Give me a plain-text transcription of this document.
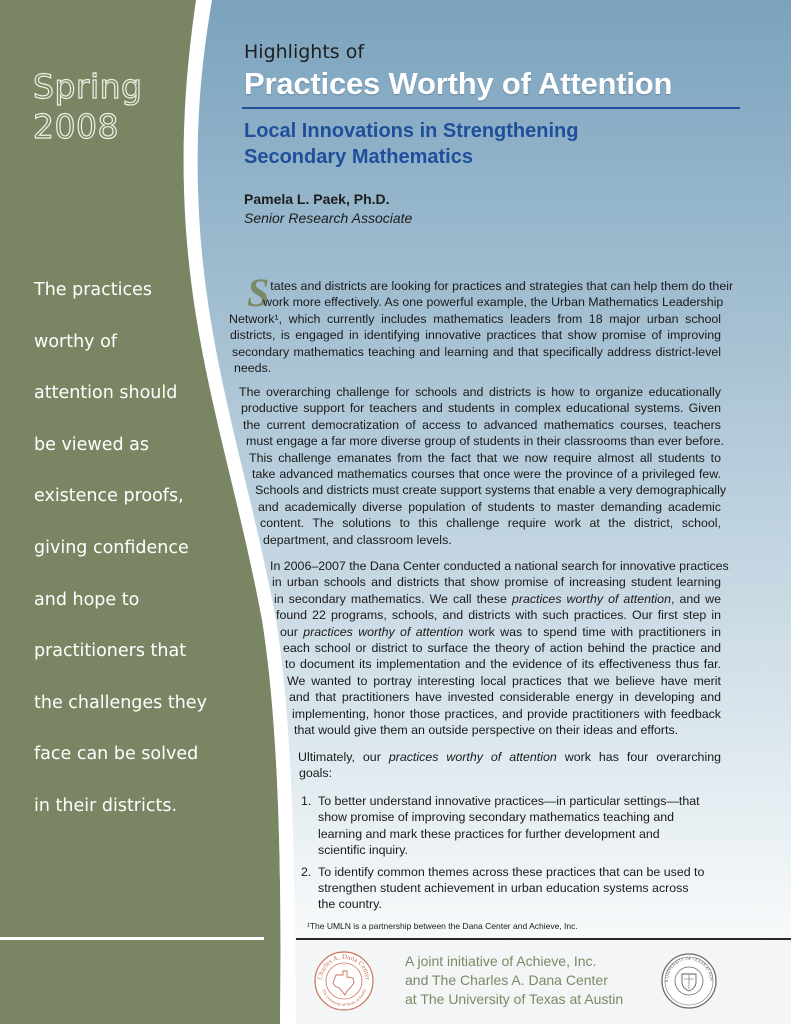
Spring
2008
The practices
worthy of
attention should
be viewed as
existence proofs,
giving confidence
and hope to
practitioners that
the challenges they
face can be solved
in their districts.
Highlights of
Practices Worthy of Attention
Local Innovations in Strengthening
Secondary Mathematics
Pamela L. Paek, Ph.D.
Senior Research Associate
States and districts are looking for practices and strategies that can help them do their
work more effectively. As one powerful example, the Urban Mathematics Leadership
Network¹, which currently includes mathematics leaders from 18 major urban school
districts, is engaged in identifying innovative practices that show promise of improving
secondary mathematics teaching and learning and that specifically address district-level
needs.
The overarching challenge for schools and districts is how to organize educationally
productive support for teachers and students in complex educational systems. Given
the current democratization of access to advanced mathematics courses, teachers
must engage a far more diverse group of students in their classrooms than ever before.
This challenge emanates from the fact that we now require almost all students to
take advanced mathematics courses that once were the province of a privileged few.
Schools and districts must create support systems that enable a very demographically
and academically diverse population of students to master demanding academic
content. The solutions to this challenge require work at the district, school,
department, and classroom levels.
In 2006–2007 the Dana Center conducted a national search for innovative practices
in urban schools and districts that show promise of increasing student learning
in secondary mathematics. We call these practices worthy of attention, and we
found 22 programs, schools, and districts with such practices. Our first step in
our practices worthy of attention work was to spend time with practitioners in
each school or district to surface the theory of action behind the practice and
to document its implementation and the evidence of its effectiveness thus far.
We wanted to portray interesting local practices that we believe have merit
and that practitioners have invested considerable energy in developing and
implementing, honor those practices, and provide practitioners with feedback
that would give them an outside perspective on their ideas and efforts.
Ultimately, our practices worthy of attention work has four overarching
goals:
1. To better understand innovative practices—in particular settings—that
show promise of improving secondary mathematics teaching and
learning and mark these practices for further development and
scientific inquiry.
2. To identify common themes across these practices that can be used to
strengthen student achievement in urban education systems across
the country.
¹The UMLN is a partnership between the Dana Center and Achieve, Inc.
Charles A. Dana Center
The University of Texas at Austin
A joint initiative of Achieve, Inc.
and The Charles A. Dana Center
at The University of Texas at Austin
E UNIVERSITY OF TEXAS AT AUS
